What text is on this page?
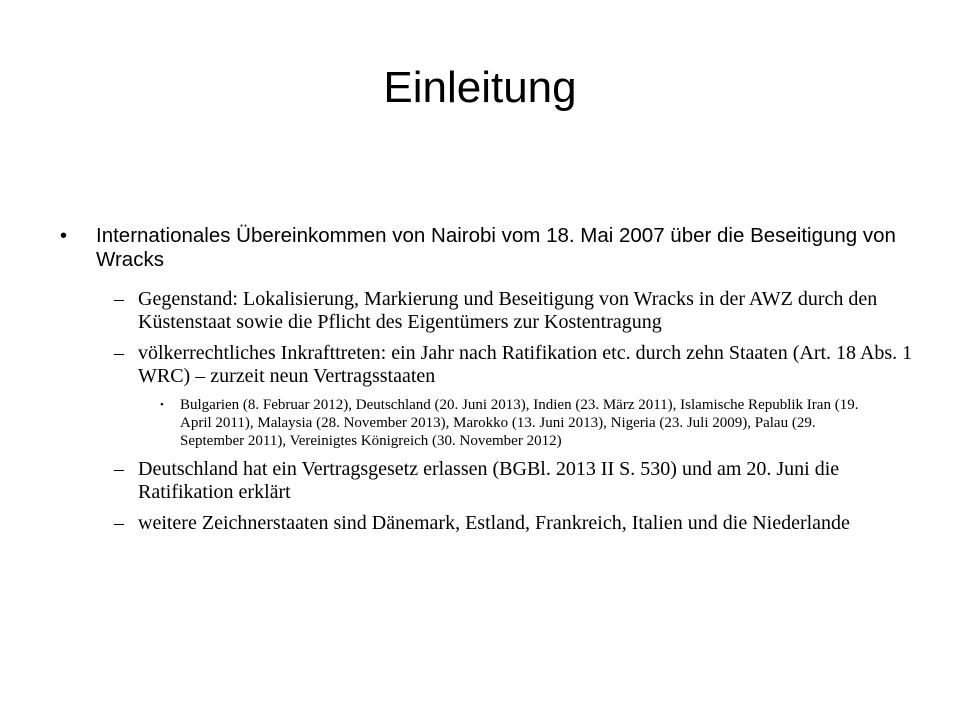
Einleitung
• Internationales Übereinkommen von Nairobi vom 18. Mai 2007 über die Beseitigung von Wracks
– Gegenstand: Lokalisierung, Markierung und Beseitigung von Wracks in der AWZ durch den Küstenstaat sowie die Pflicht des Eigentümers zur Kostentragung
– völkerrechtliches Inkrafttreten: ein Jahr nach Ratifikation etc. durch zehn Staaten (Art. 18 Abs. 1 WRC) – zurzeit neun Vertragsstaaten
• Bulgarien (8. Februar 2012), Deutschland (20. Juni 2013), Indien (23. März 2011), Islamische Republik Iran (19. April 2011), Malaysia (28. November 2013), Marokko (13. Juni 2013), Nigeria (23. Juli 2009), Palau (29. September 2011), Vereinigtes Königreich (30. November 2012)
– Deutschland hat ein Vertragsgesetz erlassen (BGBl. 2013 II S. 530) und am 20. Juni die Ratifikation erklärt
– weitere Zeichnerstaaten sind Dänemark, Estland, Frankreich, Italien und die Niederlande
